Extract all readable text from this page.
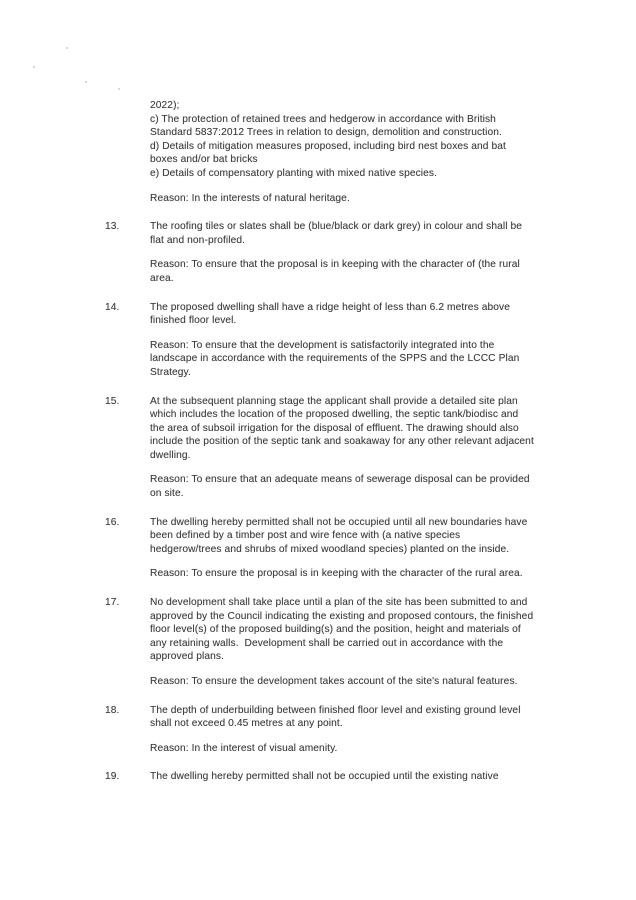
2022);
c) The protection of retained trees and hedgerow in accordance with British
Standard 5837:2012 Trees in relation to design, demolition and construction.
d) Details of mitigation measures proposed, including bird nest boxes and bat
boxes and/or bat bricks
e) Details of compensatory planting with mixed native species.
Reason: In the interests of natural heritage.
13.	The roofing tiles or slates shall be (blue/black or dark grey) in colour and shall be
flat and non-profiled.
Reason: To ensure that the proposal is in keeping with the character of (the rural
area.
14.	The proposed dwelling shall have a ridge height of less than 6.2 metres above
finished floor level.
Reason: To ensure that the development is satisfactorily integrated into the
landscape in accordance with the requirements of the SPPS and the LCCC Plan
Strategy.
15.	At the subsequent planning stage the applicant shall provide a detailed site plan
which includes the location of the proposed dwelling, the septic tank/biodisc and
the area of subsoil irrigation for the disposal of effluent. The drawing should also
include the position of the septic tank and soakaway for any other relevant adjacent
dwelling.
Reason: To ensure that an adequate means of sewerage disposal can be provided
on site.
16.	The dwelling hereby permitted shall not be occupied until all new boundaries have
been defined by a timber post and wire fence with (a native species
hedgerow/trees and shrubs of mixed woodland species) planted on the inside.
Reason: To ensure the proposal is in keeping with the character of the rural area.
17.	No development shall take place until a plan of the site has been submitted to and
approved by the Council indicating the existing and proposed contours, the finished
floor level(s) of the proposed building(s) and the position, height and materials of
any retaining walls.  Development shall be carried out in accordance with the
approved plans.
Reason: To ensure the development takes account of the site's natural features.
18.	The depth of underbuilding between finished floor level and existing ground level
shall not exceed 0.45 metres at any point.
Reason: In the interest of visual amenity.
19.	The dwelling hereby permitted shall not be occupied until the existing native
